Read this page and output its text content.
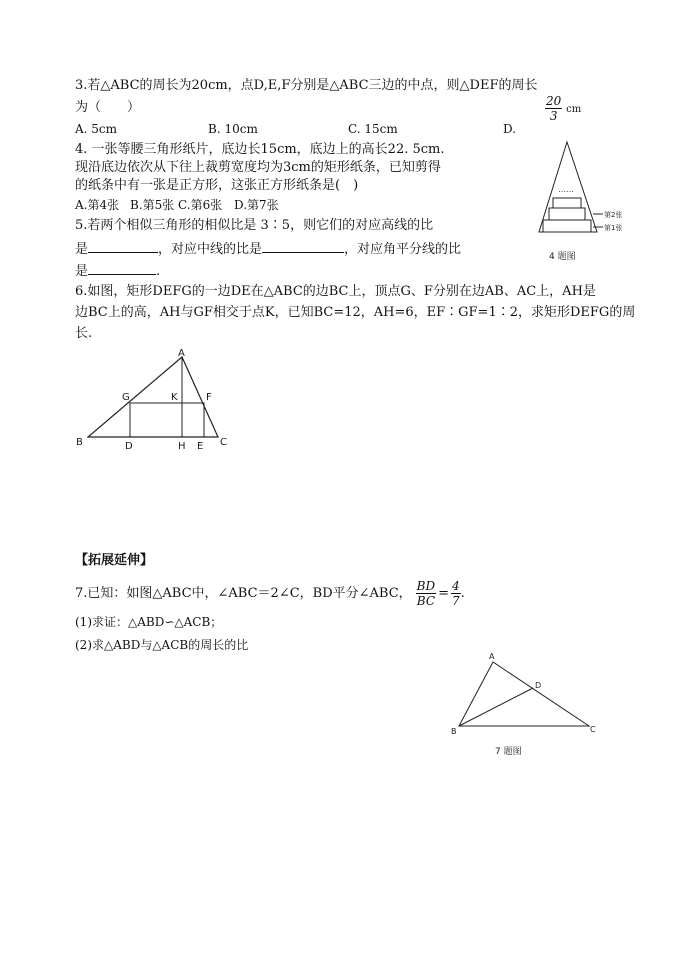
3.若△ABC的周长为20cm，点D,E,F分别是△ABC三边的中点，则△DEF的周长
为（　　）	$\frac{20}{3}$ cm
A. 5cm	B. 10cm	C. 15cm	D.
4. 一张等腰三角形纸片，底边长15cm，底边上的高长22. 5cm.
现沿底边依次从下往上裁剪宽度均为3cm的矩形纸条，已知剪得
的纸条中有一张是正方形，这张正方形纸条是(　)
A.第4张 B.第5张 C.第6张 D.第7张
……
第2张
第1张
4 题图
5.若两个相似三角形的相似比是 3∶5，则它们的对应高线的比
是	，对应中线的比是	，对应角平分线的比
是	.
6.如图，矩形DEFG的一边DE在△ABC的边BC上，顶点G、F分别在边AB、AC上，AH是
边BC上的高，AH与GF相交于点K，已知BC=12，AH=6，EF∶GF=1∶2，求矩形DEFG的周
长.
A
B	C
D	E
F
G
H
K
【拓展延伸】
7.已知：如图△ABC中，∠ABC＝2∠C，BD平分∠ABC， $\frac{BD}{BC} = \frac{4}{7}$ .
(1)求证：△ABD∽△ACB；
(2)求△ABD与△ACB的周长的比
A
B	C
D
7 题图
